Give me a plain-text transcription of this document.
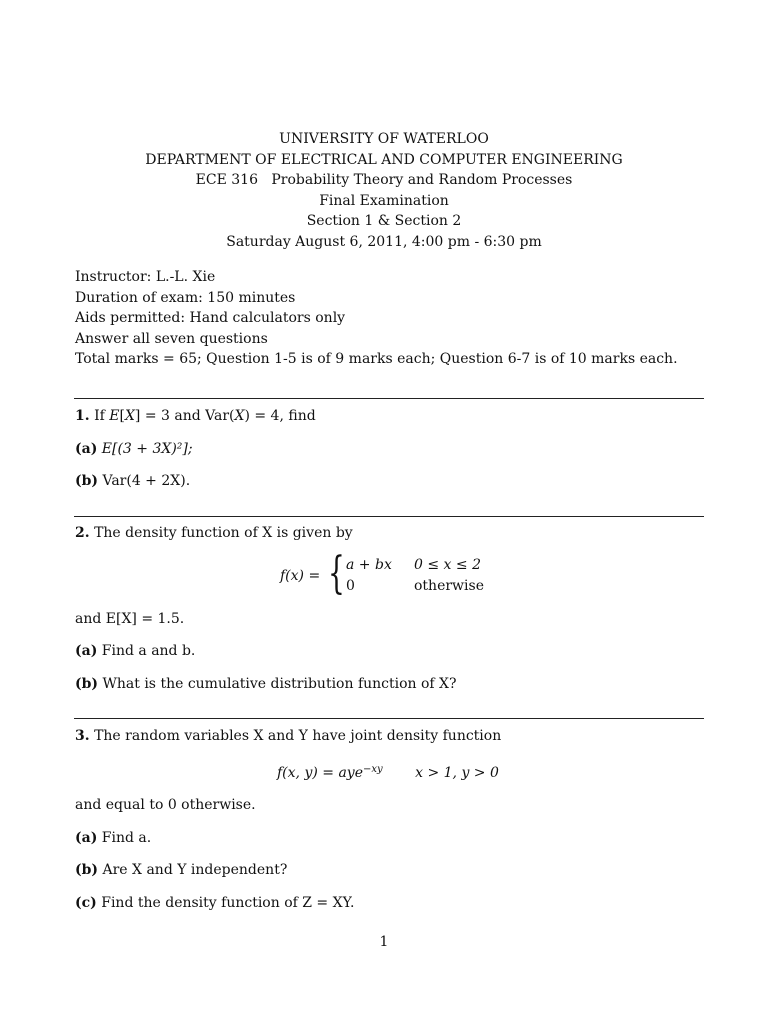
UNIVERSITY OF WATERLOO
DEPARTMENT OF ELECTRICAL AND COMPUTER ENGINEERING
ECE 316   Probability Theory and Random Processes
Final Examination
Section 1 & Section 2
Saturday August 6, 2011, 4:00 pm - 6:30 pm
Instructor: L.-L. Xie
Duration of exam: 150 minutes
Aids permitted: Hand calculators only
Answer all seven questions
Total marks = 65; Question 1-5 is of 9 marks each; Question 6-7 is of 10 marks each.
1. If E[X] = 3 and Var(X) = 4, find
(a) E[(3 + 3X)²];
(b) Var(4 + 2X).
2. The density function of X is given by
f(x) = { a + bx 0 ≤ x ≤ 2
0	otherwise
and E[X] = 1.5.
(a) Find a and b.
(b) What is the cumulative distribution function of X?
3. The random variables X and Y have joint density function
f(x, y) = aye$^{-xy}$ x > 1, y > 0
and equal to 0 otherwise.
(a) Find a.
(b) Are X and Y independent?
(c) Find the density function of Z = XY.
1
